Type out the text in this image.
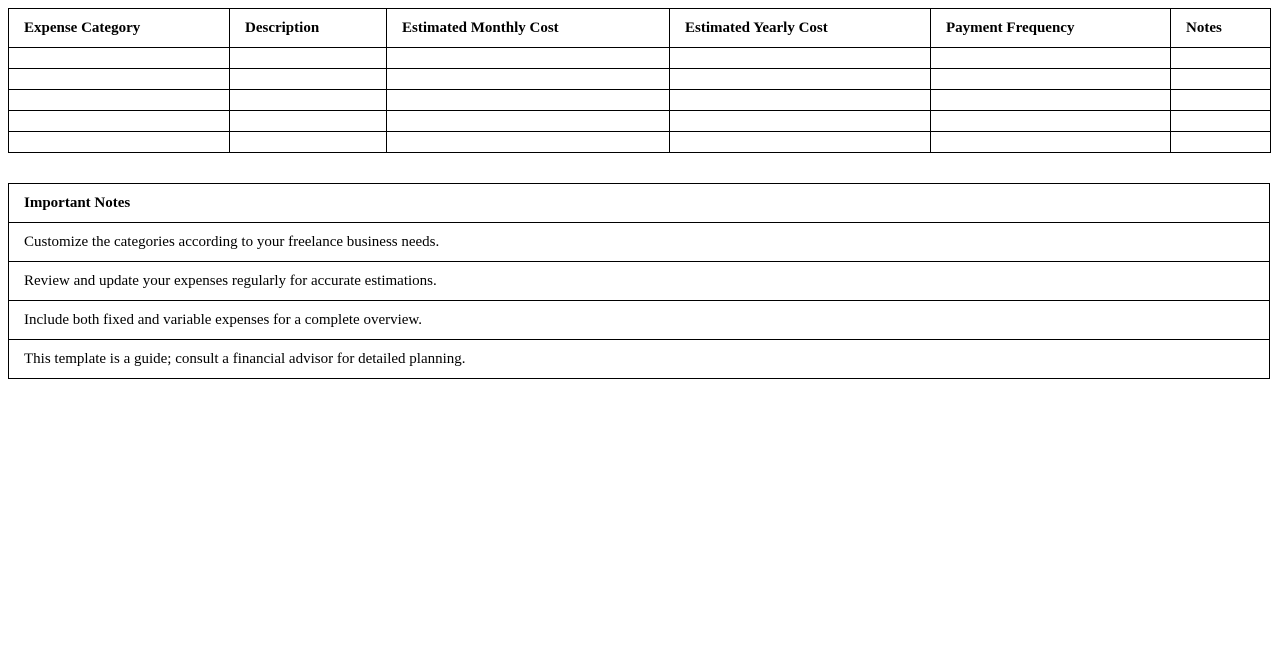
Expense Category	Description	Estimated Monthly Cost	Estimated Yearly Cost	Payment Frequency	Notes

Important Notes
Customize the categories according to your freelance business needs.
Review and update your expenses regularly for accurate estimations.
Include both fixed and variable expenses for a complete overview.
This template is a guide; consult a financial advisor for detailed planning.
